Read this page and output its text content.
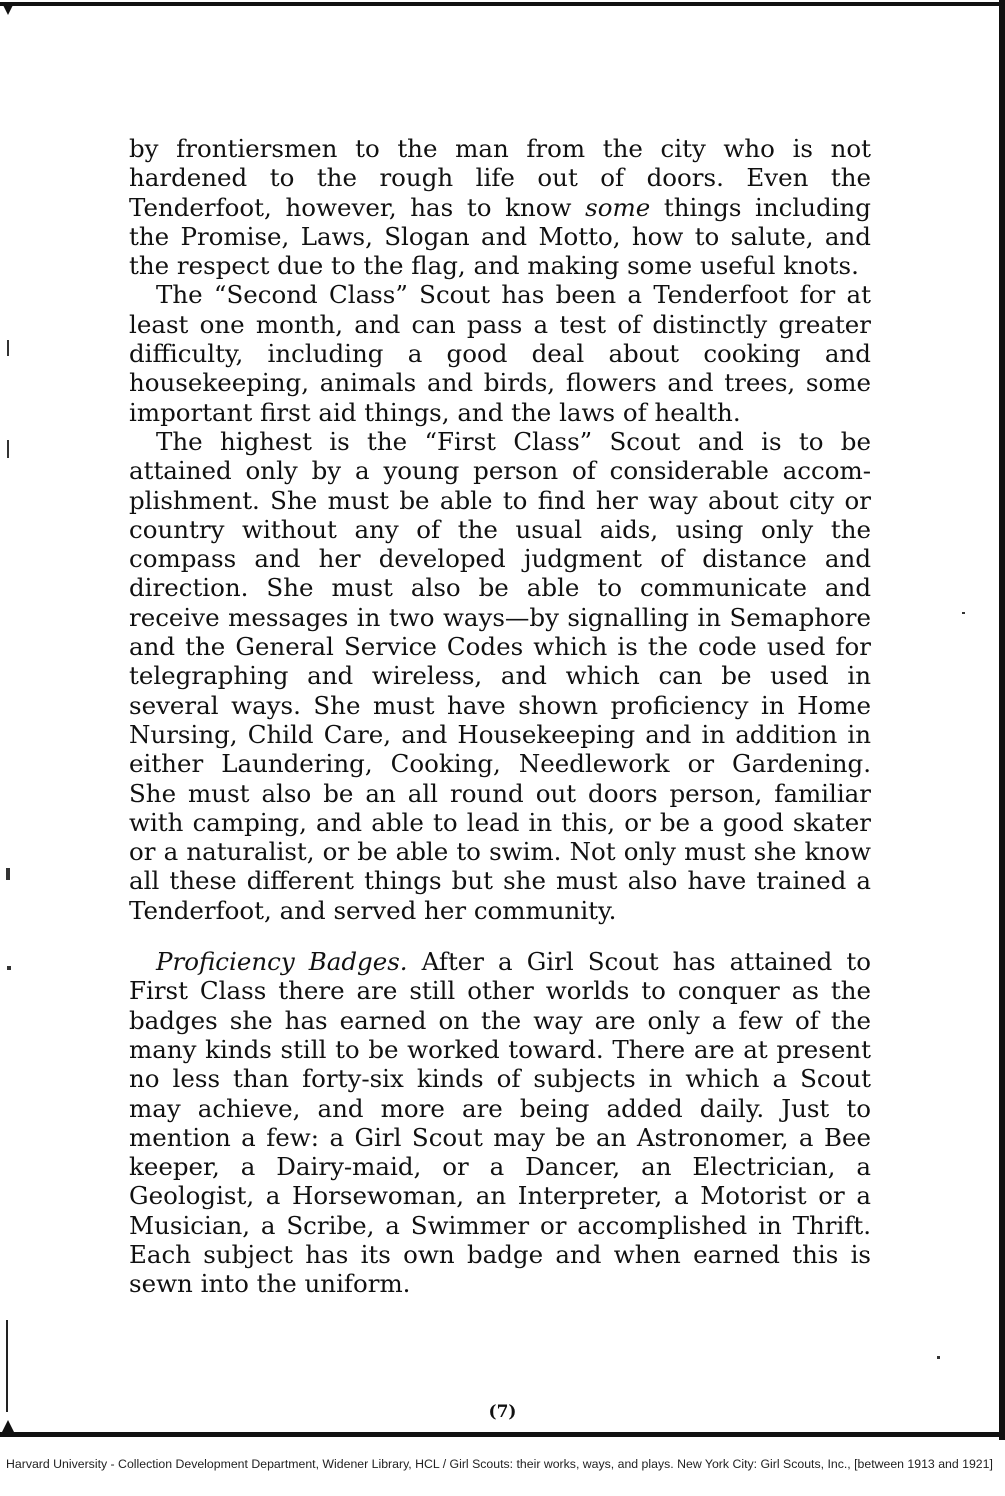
by frontiersmen to the man from the city who is not hardened to the rough life out of doors. Even the Tenderfoot, however, has to know some things including the Promise, Laws, Slogan and Motto, how to salute, and the respect due to the flag, and making some useful knots.

The “Second Class” Scout has been a Tenderfoot for at least one month, and can pass a test of distinctly greater difficulty, including a good deal about cooking and housekeeping, animals and birds, flowers and trees, some important first aid things, and the laws of health.

The highest is the “First Class” Scout and is to be attained only by a young person of considerable accomplishment. She must be able to find her way about city or country without any of the usual aids, using only the compass and her developed judgment of distance and direction. She must also be able to communicate and receive messages in two ways—by signalling in Semaphore and the General Service Codes which is the code used for telegraphing and wireless, and which can be used in several ways. She must have shown proficiency in Home Nursing, Child Care, and Housekeeping and in addition in either Laundering, Cooking, Needlework or Gardening. She must also be an all round out doors person, familiar with camping, and able to lead in this, or be a good skater or a naturalist, or be able to swim. Not only must she know all these different things but she must also have trained a Tenderfoot, and served her community.

Proficiency Badges. After a Girl Scout has attained to First Class there are still other worlds to conquer as the badges she has earned on the way are only a few of the many kinds still to be worked toward. There are at present no less than forty-six kinds of subjects in which a Scout may achieve, and more are being added daily. Just to mention a few: a Girl Scout may be an Astronomer, a Bee keeper, a Dairy-maid, or a Dancer, an Electrician, a Geologist, a Horsewoman, an Interpreter, a Motorist or a Musician, a Scribe, a Swimmer or accomplished in Thrift. Each subject has its own badge and when earned this is sewn into the uniform.

(7)
Harvard University - Collection Development Department, Widener Library, HCL / Girl Scouts: their works, ways, and plays. New York City: Girl Scouts, Inc., [between 1913 and 1921]
